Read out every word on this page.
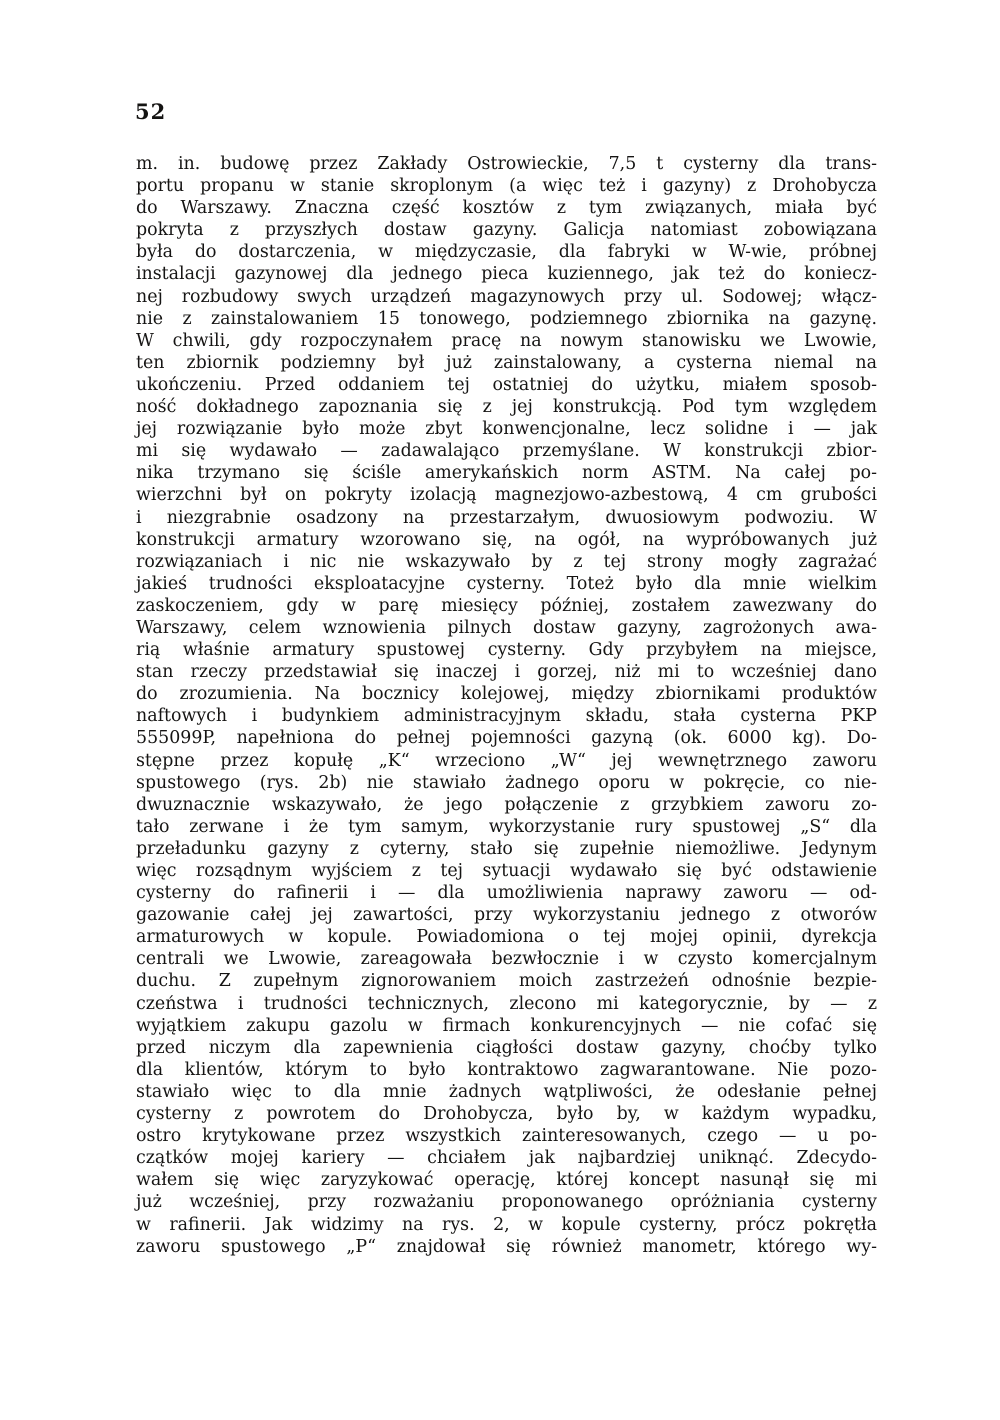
52
m. in. budowę przez Zakłady Ostrowieckie, 7,5 t cysterny dla trans-
portu propanu w stanie skroplonym (a więc też i gazyny) z Drohobycza
do Warszawy. Znaczna część kosztów z tym związanych, miała być
pokryta z przyszłych dostaw gazyny. Galicja natomiast zobowiązana
była do dostarczenia, w międzyczasie, dla fabryki w W-wie, próbnej
instalacji gazynowej dla jednego pieca kuziennego, jak też do koniecz-
nej rozbudowy swych urządzeń magazynowych przy ul. Sodowej; włącz-
nie z zainstalowaniem 15 tonowego, podziemnego zbiornika na gazynę.
W chwili, gdy rozpoczynałem pracę na nowym stanowisku we Lwowie,
ten zbiornik podziemny był już zainstalowany, a cysterna niemal na
ukończeniu. Przed oddaniem tej ostatniej do użytku, miałem sposob-
ność dokładnego zapoznania się z jej konstrukcją. Pod tym względem
jej rozwiązanie było może zbyt konwencjonalne, lecz solidne i — jak
mi się wydawało — zadawalająco przemyślane. W konstrukcji zbior-
nika trzymano się ściśle amerykańskich norm ASTM. Na całej po-
wierzchni był on pokryty izolacją magnezjowo-azbestową, 4 cm grubości
i niezgrabnie osadzony na przestarzałym, dwuosiowym podwoziu. W
konstrukcji armatury wzorowano się, na ogół, na wypróbowanych już
rozwiązaniach i nic nie wskazywało by z tej strony mogły zagrażać
jakieś trudności eksploatacyjne cysterny. Toteż było dla mnie wielkim
zaskoczeniem, gdy w parę miesięcy później, zostałem zawezwany do
Warszawy, celem wznowienia pilnych dostaw gazyny, zagrożonych awa-
rią właśnie armatury spustowej cysterny. Gdy przybyłem na miejsce,
stan rzeczy przedstawiał się inaczej i gorzej, niż mi to wcześniej dano
do zrozumienia. Na bocznicy kolejowej, między zbiornikami produktów
naftowych i budynkiem administracyjnym składu, stała cysterna PKP
555099P, napełniona do pełnej pojemności gazyną (ok. 6000 kg). Do-
stępne przez kopułę „K“ wrzeciono „W“ jej wewnętrznego zaworu
spustowego (rys. 2b) nie stawiało żadnego oporu w pokręcie, co nie-
dwuznacznie wskazywało, że jego połączenie z grzybkiem zaworu zo-
tało zerwane i że tym samym, wykorzystanie rury spustowej „S“ dla
przeładunku gazyny z cyterny, stało się zupełnie niemożliwe. Jedynym
więc rozsądnym wyjściem z tej sytuacji wydawało się być odstawienie
cysterny do rafinerii i — dla umożliwienia naprawy zaworu — od-
gazowanie całej jej zawartości, przy wykorzystaniu jednego z otworów
armaturowych w kopule. Powiadomiona o tej mojej opinii, dyrekcja
centrali we Lwowie, zareagowała bezwłocznie i w czysto komercjalnym
duchu. Z zupełnym zignorowaniem moich zastrzeżeń odnośnie bezpie-
czeństwa i trudności technicznych, zlecono mi kategorycznie, by — z
wyjątkiem zakupu gazolu w firmach konkurencyjnych — nie cofać się
przed niczym dla zapewnienia ciągłości dostaw gazyny, choćby tylko
dla klientów, którym to było kontraktowo zagwarantowane. Nie pozo-
stawiało więc to dla mnie żadnych wątpliwości, że odesłanie pełnej
cysterny z powrotem do Drohobycza, było by, w każdym wypadku,
ostro krytykowane przez wszystkich zainteresowanych, czego — u po-
czątków mojej kariery — chciałem jak najbardziej uniknąć. Zdecydo-
wałem się więc zaryzykować operację, której koncept nasunął się mi
już wcześniej, przy rozważaniu proponowanego opróżniania cysterny
w rafinerii. Jak widzimy na rys. 2, w kopule cysterny, prócz pokrętła
zaworu spustowego „P“ znajdował się również manometr, którego wy-
